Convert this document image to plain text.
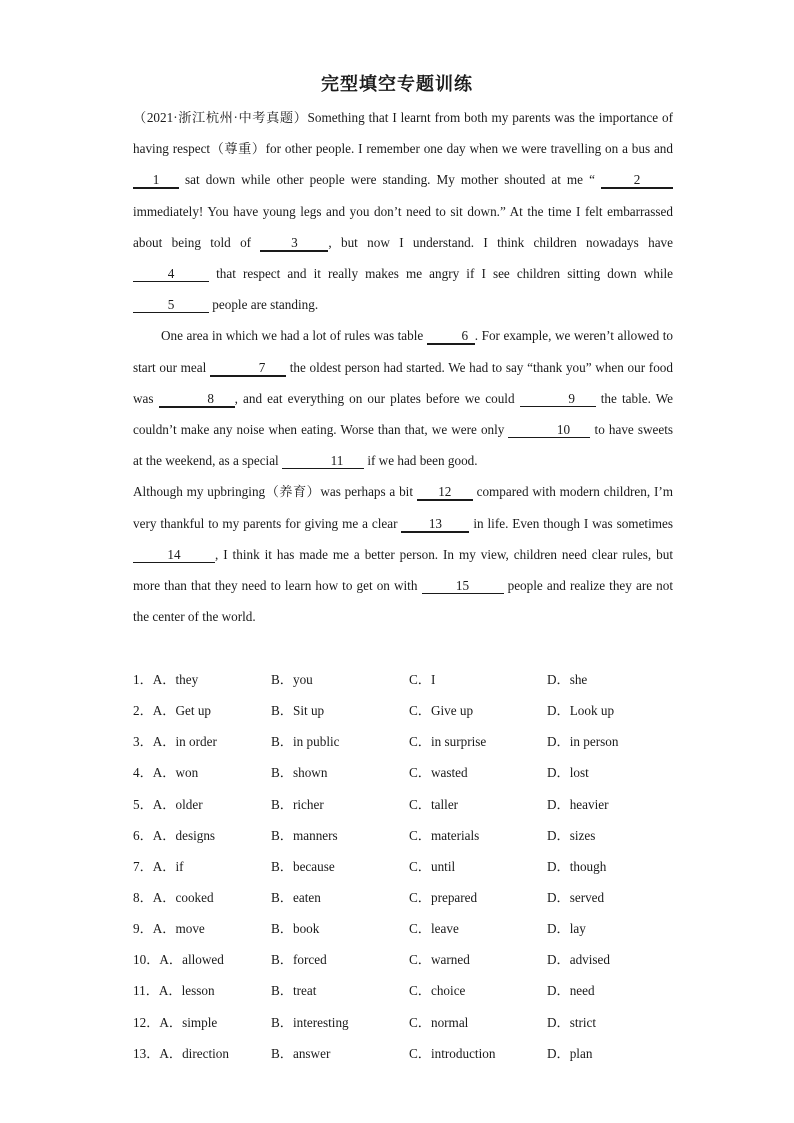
完型填空专题训练

（2021·浙江杭州·中考真题）Something that I learnt from both my parents was the importance of having respect（尊重）for other people. I remember one day when we were travelling on a bus and 1 sat down while other people were standing. My mother shouted at me “ 2 immediately! You have young legs and you don’t need to sit down.” At the time I felt embarrassed about being told of 3 , but now I understand. I think children nowadays have 4	that respect and it really makes me angry if I see children sitting down while 5	people are standing.

One area in which we had a lot of rules was table	6 . For example, we weren’t allowed to start our meal	7 the oldest person had started. We had to say “thank you” when our food was	8 , and eat everything on our plates before we could	9 the table. We couldn’t make any noise when eating. Worse than that, we were only	10 to have sweets at the weekend, as a special	11 if we had been good.

Although my upbringing（养育）was perhaps a bit 12 compared with modern children, I’m very thankful to my parents for giving me a clear 13 in life. Even though I was sometimes 14	, I think it has made me a better person. In my view, children need clear rules, but more than that they need to learn how to get on with	15	people and realize they are not the center of the world.

1．A．they	B．you	C．I	D．she
2．A．Get up	B．Sit up	C．Give up	D．Look up
3．A．in order	B．in public	C．in surprise	D．in person
4．A．won	B．shown	C．wasted	D．lost
5．A．older	B．richer	C．taller	D．heavier
6．A．designs	B．manners	C．materials	D．sizes
7．A．if	B．because	C．until	D．though
8．A．cooked	B．eaten	C．prepared	D．served
9．A．move	B．book	C．leave	D．lay
10．A．allowed	B．forced	C．warned	D．advised
11．A．lesson	B．treat	C．choice	D．need
12．A．simple	B．interesting	C．normal	D．strict
13．A．direction	B．answer	C．introduction	D．plan
